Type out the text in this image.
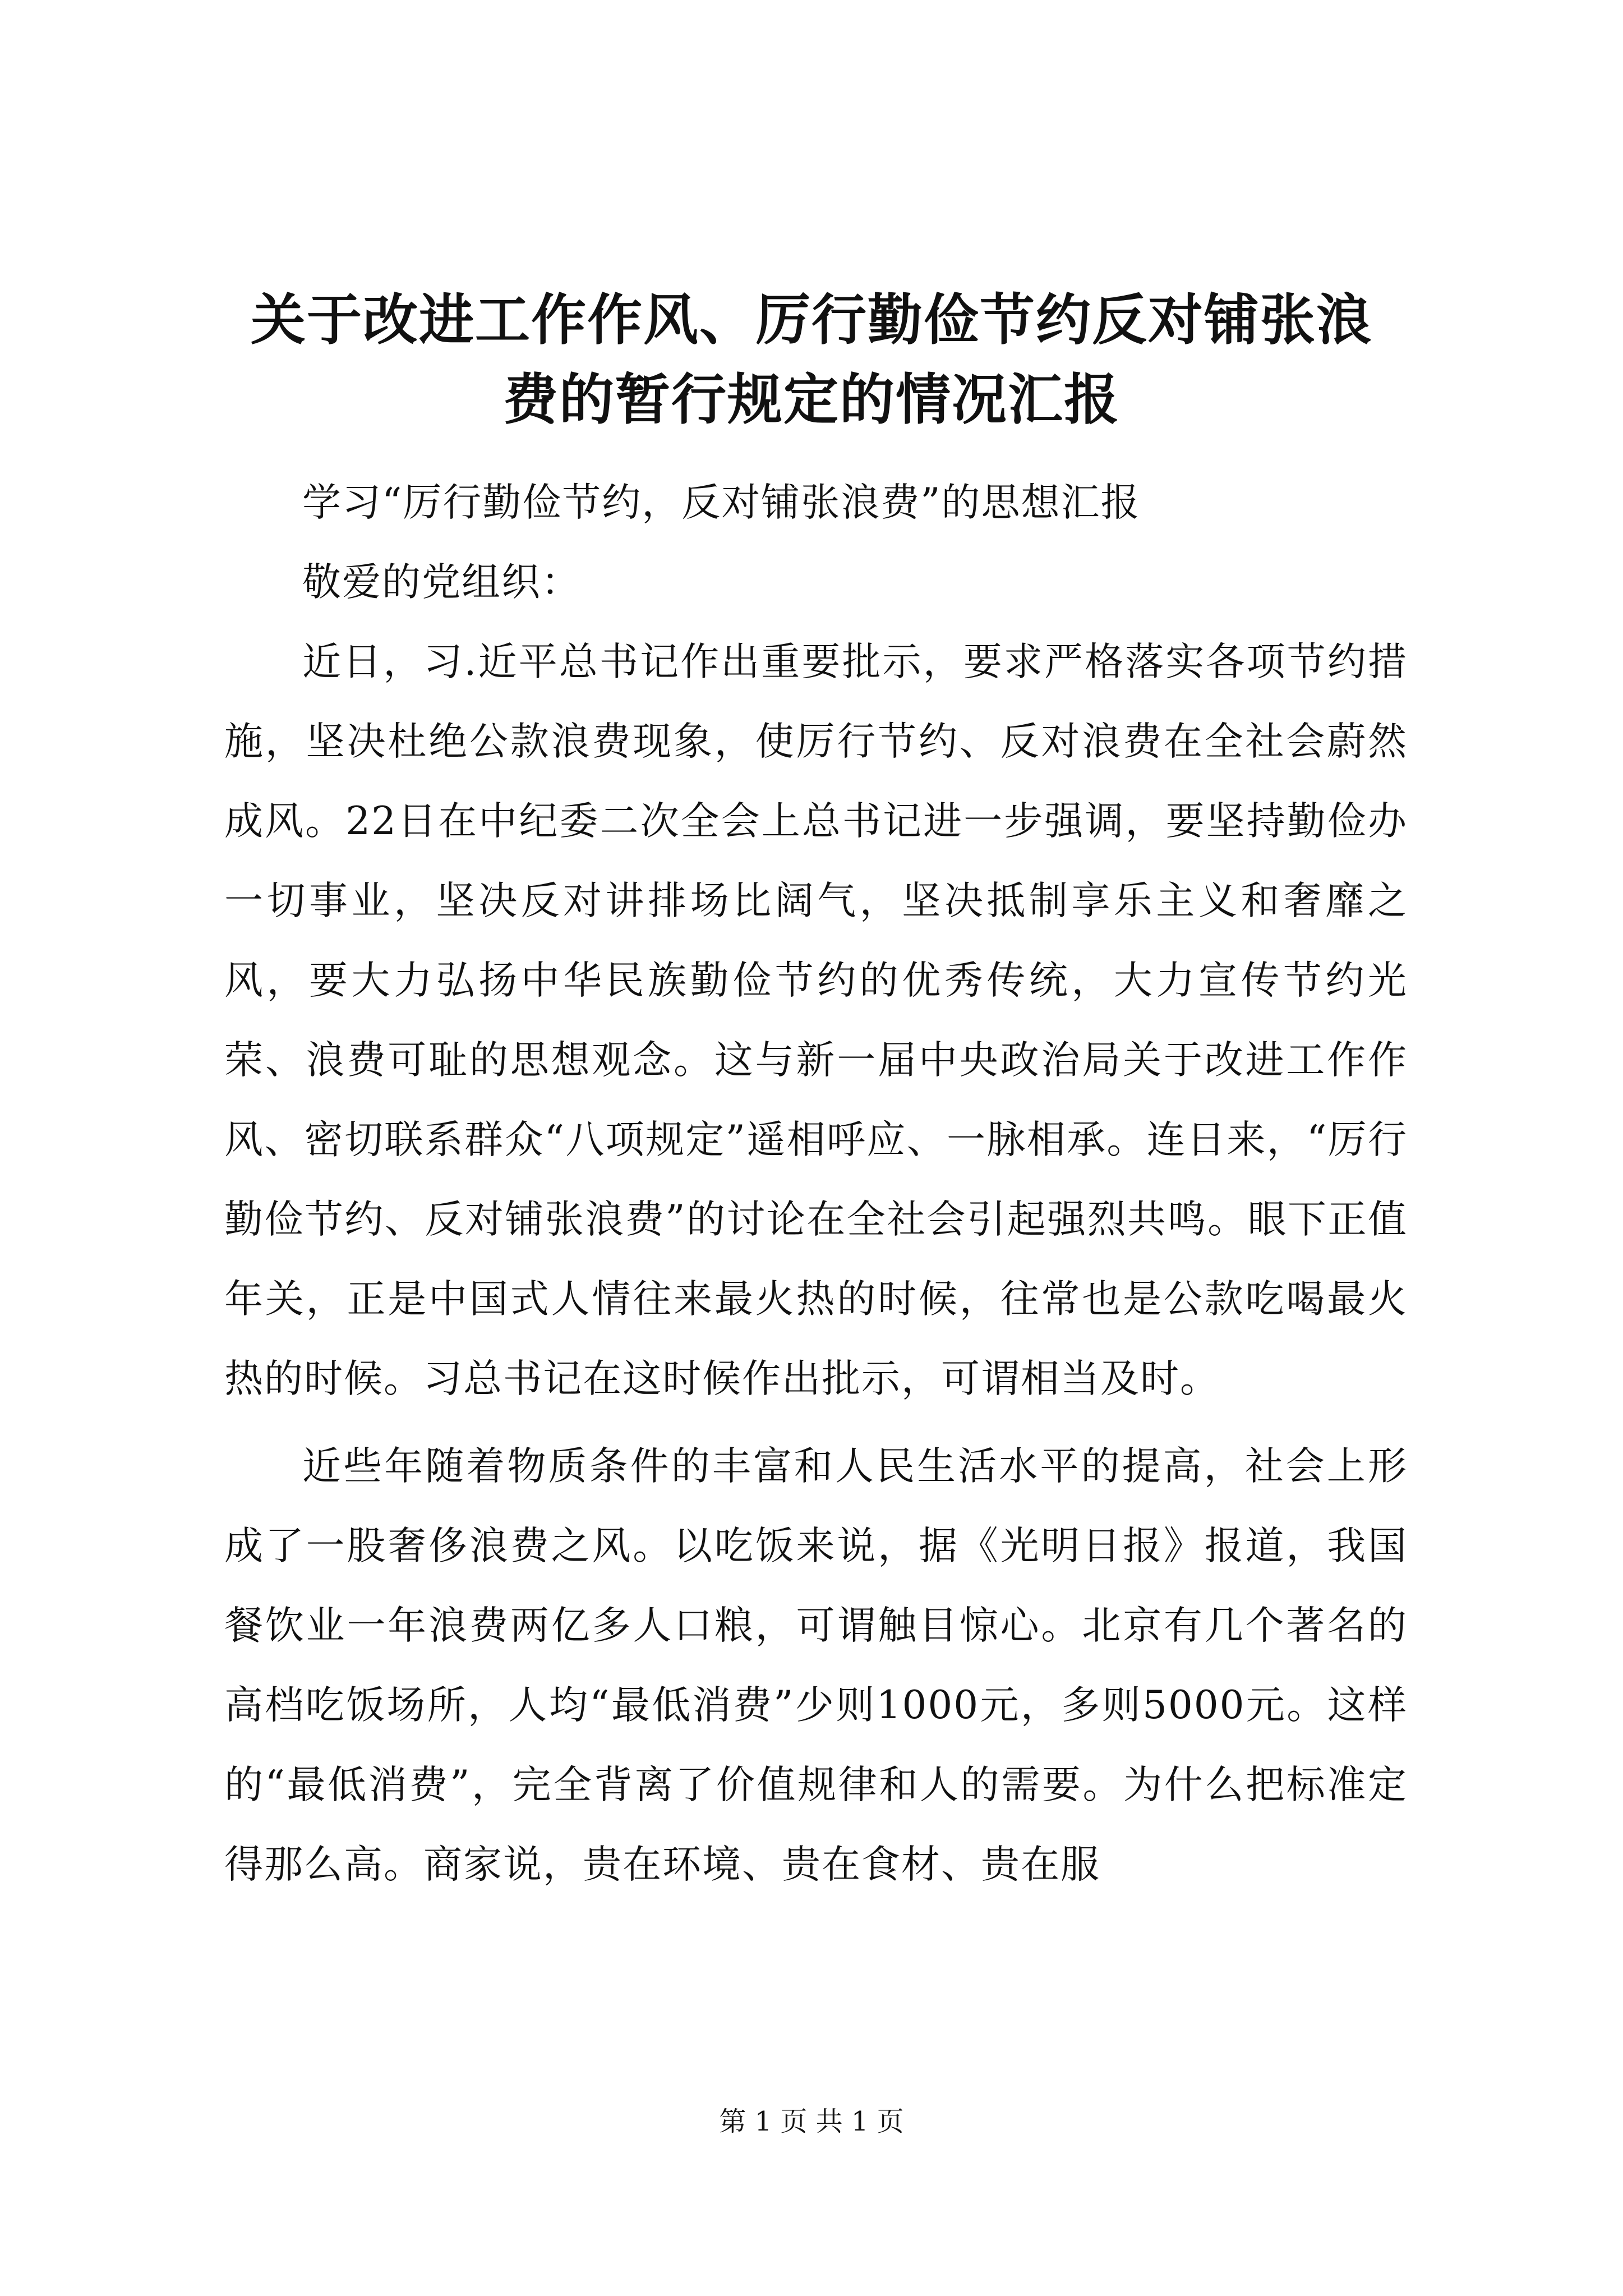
关于改进工作作风、厉行勤俭节约反对铺张浪
费的暂行规定的情况汇报

学习“厉行勤俭节约，反对铺张浪费”的思想汇报

敬爱的党组织：

近日，习.近平总书记作出重要批示，要求严格落实各项节约措施，坚决杜绝公款浪费现象，使厉行节约、反对浪费在全社会蔚然成风。22日在中纪委二次全会上总书记进一步强调，要坚持勤俭办一切事业，坚决反对讲排场比阔气，坚决抵制享乐主义和奢靡之风，要大力弘扬中华民族勤俭节约的优秀传统，大力宣传节约光荣、浪费可耻的思想观念。这与新一届中央政治局关于改进工作作风、密切联系群众“八项规定”遥相呼应、一脉相承。连日来，“厉行勤俭节约、反对铺张浪费”的讨论在全社会引起强烈共鸣。眼下正值年关，正是中国式人情往来最火热的时候，往常也是公款吃喝最火热的时候。习总书记在这时候作出批示，可谓相当及时。

近些年随着物质条件的丰富和人民生活水平的提高，社会上形成了一股奢侈浪费之风。以吃饭来说，据《光明日报》报道，我国餐饮业一年浪费两亿多人口粮，可谓触目惊心。北京有几个著名的高档吃饭场所，人均“最低消费”少则1000元，多则5000元。这样的“最低消费”，完全背离了价值规律和人的需要。为什么把标准定得那么高。商家说，贵在环境、贵在食材、贵在服

第 1 页 共 1 页
